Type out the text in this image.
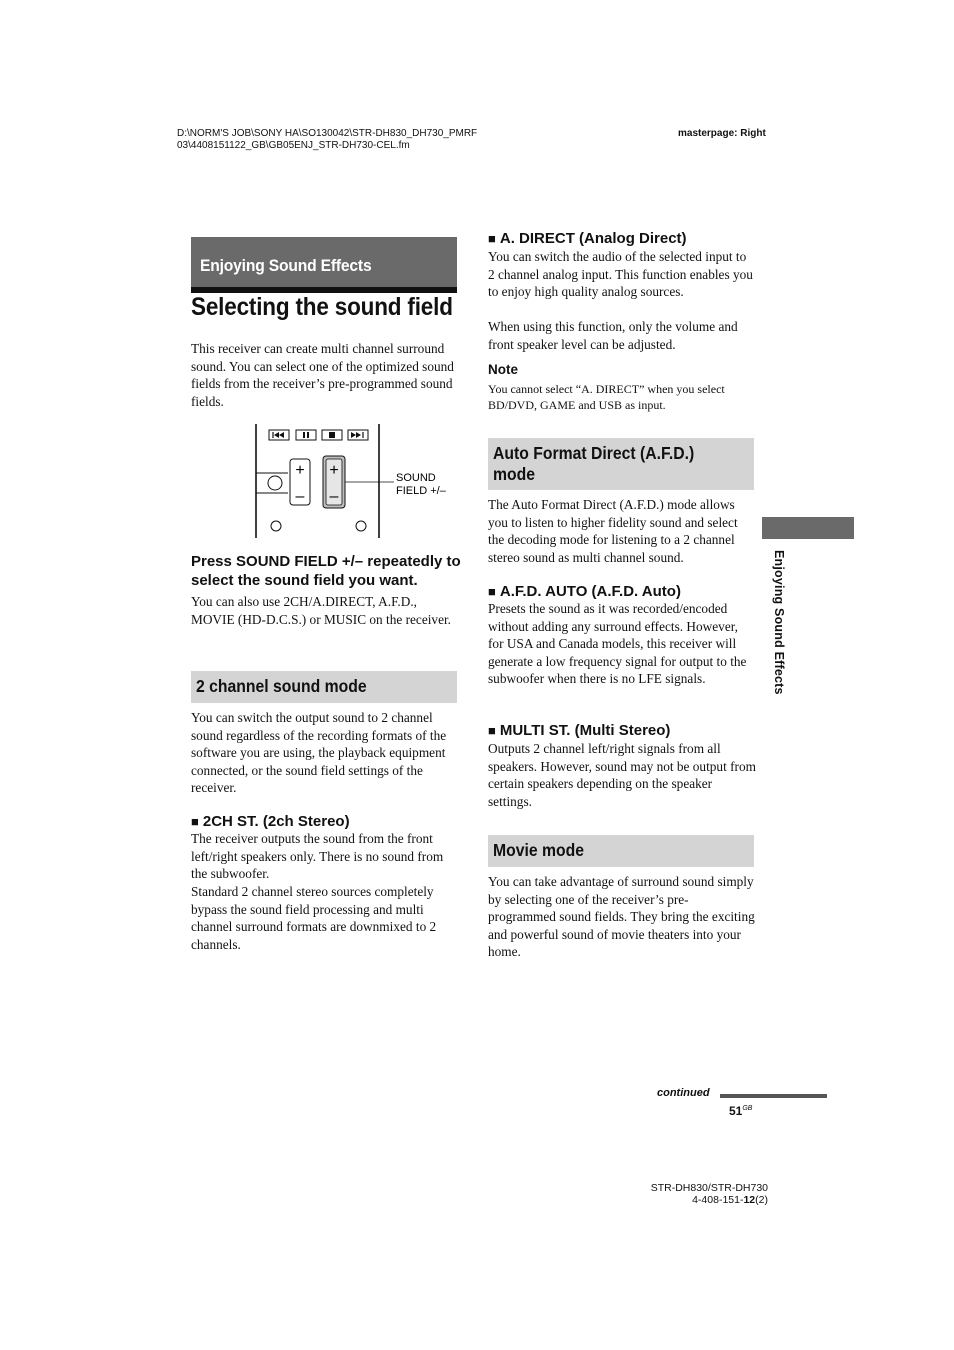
D:\NORM'S JOB\SONY HA\SO130042\STR-DH830_DH730_PMRF
03\4408151122_GB\GB05ENJ_STR-DH730-CEL.fm
masterpage: Right
Enjoying Sound Effects
Selecting the sound field
This receiver can create multi channel surround sound. You can select one of the optimized sound fields from the receiver’s pre-programmed sound fields.
+
–
+
–
SOUND
FIELD +/–
Press SOUND FIELD +/– repeatedly to select the sound field you want.
You can also use 2CH/A.DIRECT, A.F.D., MOVIE (HD-D.C.S.) or MUSIC on the receiver.
2 channel sound mode
You can switch the output sound to 2 channel sound regardless of the recording formats of the software you are using, the playback equipment connected, or the sound field settings of the receiver.
■ 2CH ST. (2ch Stereo)
The receiver outputs the sound from the front left/right speakers only. There is no sound from the subwoofer.
Standard 2 channel stereo sources completely bypass the sound field processing and multi channel surround formats are downmixed to 2 channels.
■ A. DIRECT (Analog Direct)
You can switch the audio of the selected input to 2 channel analog input. This function enables you to enjoy high quality analog sources.
When using this function, only the volume and front speaker level can be adjusted.
Note
You cannot select “A. DIRECT” when you select BD/DVD, GAME and USB as input.
Auto Format Direct (A.F.D.)
mode
The Auto Format Direct (A.F.D.) mode allows you to listen to higher fidelity sound and select the decoding mode for listening to a 2 channel stereo sound as multi channel sound.
■ A.F.D. AUTO (A.F.D. Auto)
Presets the sound as it was recorded/encoded without adding any surround effects. However, for USA and Canada models, this receiver will generate a low frequency signal for output to the subwoofer when there is no LFE signals.
■ MULTI ST. (Multi Stereo)
Outputs 2 channel left/right signals from all speakers. However, sound may not be output from certain speakers depending on the speaker settings.
Movie mode
You can take advantage of surround sound simply by selecting one of the receiver’s pre-programmed sound fields. They bring the exciting and powerful sound of movie theaters into your home.
Enjoying Sound Effects
continued
$51^{GB}$
STR-DH830/STR-DH730
4-408-151-12(2)
